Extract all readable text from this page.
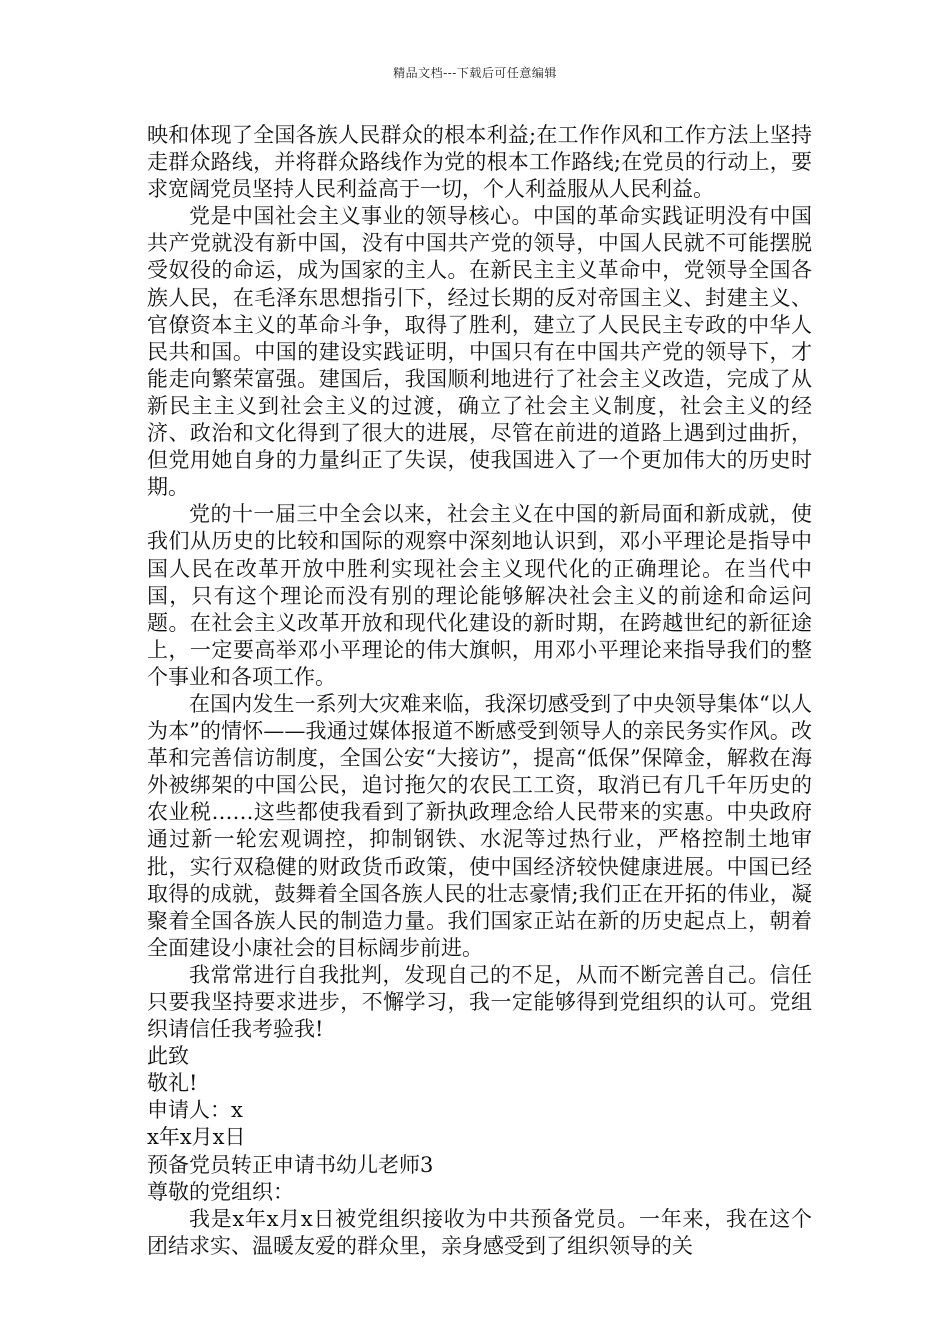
精品文档---下载后可任意编辑

映和体现了全国各族人民群众的根本利益;在工作作风和工作方法上坚持走群众路线，并将群众路线作为党的根本工作路线;在党员的行动上，要求宽阔党员坚持人民利益高于一切，个人利益服从人民利益。

党是中国社会主义事业的领导核心。中国的革命实践证明没有中国共产党就没有新中国，没有中国共产党的领导，中国人民就不可能摆脱受奴役的命运，成为国家的主人。在新民主主义革命中，党领导全国各族人民，在毛泽东思想指引下，经过长期的反对帝国主义、封建主义、官僚资本主义的革命斗争，取得了胜利，建立了人民民主专政的中华人民共和国。中国的建设实践证明，中国只有在中国共产党的领导下，才能走向繁荣富强。建国后，我国顺利地进行了社会主义改造，完成了从新民主主义到社会主义的过渡，确立了社会主义制度，社会主义的经济、政治和文化得到了很大的进展，尽管在前进的道路上遇到过曲折，但党用她自身的力量纠正了失误，使我国进入了一个更加伟大的历史时期。

党的十一届三中全会以来，社会主义在中国的新局面和新成就，使我们从历史的比较和国际的观察中深刻地认识到，邓小平理论是指导中国人民在改革开放中胜利实现社会主义现代化的正确理论。在当代中国，只有这个理论而没有别的理论能够解决社会主义的前途和命运问题。在社会主义改革开放和现代化建设的新时期，在跨越世纪的新征途上，一定要高举邓小平理论的伟大旗帜，用邓小平理论来指导我们的整个事业和各项工作。

在国内发生一系列大灾难来临，我深切感受到了中央领导集体“以人为本”的情怀——我通过媒体报道不断感受到领导人的亲民务实作风。改革和完善信访制度，全国公安“大接访”，提高“低保”保障金，解救在海外被绑架的中国公民，追讨拖欠的农民工工资，取消已有几千年历史的农业税……这些都使我看到了新执政理念给人民带来的实惠。中央政府通过新一轮宏观调控，抑制钢铁、水泥等过热行业，严格控制土地审批，实行双稳健的财政货币政策，使中国经济较快健康进展。中国已经取得的成就，鼓舞着全国各族人民的壮志豪情;我们正在开拓的伟业，凝聚着全国各族人民的制造力量。我们国家正站在新的历史起点上，朝着全面建设小康社会的目标阔步前进。

我常常进行自我批判，发现自己的不足，从而不断完善自己。信任只要我坚持要求进步，不懈学习，我一定能够得到党组织的认可。党组织请信任我考验我!

此致

敬礼!

申请人：x

x年x月x日

预备党员转正申请书幼儿老师3

尊敬的党组织：

我是x年x月x日被党组织接收为中共预备党员。一年来，我在这个团结求实、温暖友爱的群众里，亲身感受到了组织领导的关
